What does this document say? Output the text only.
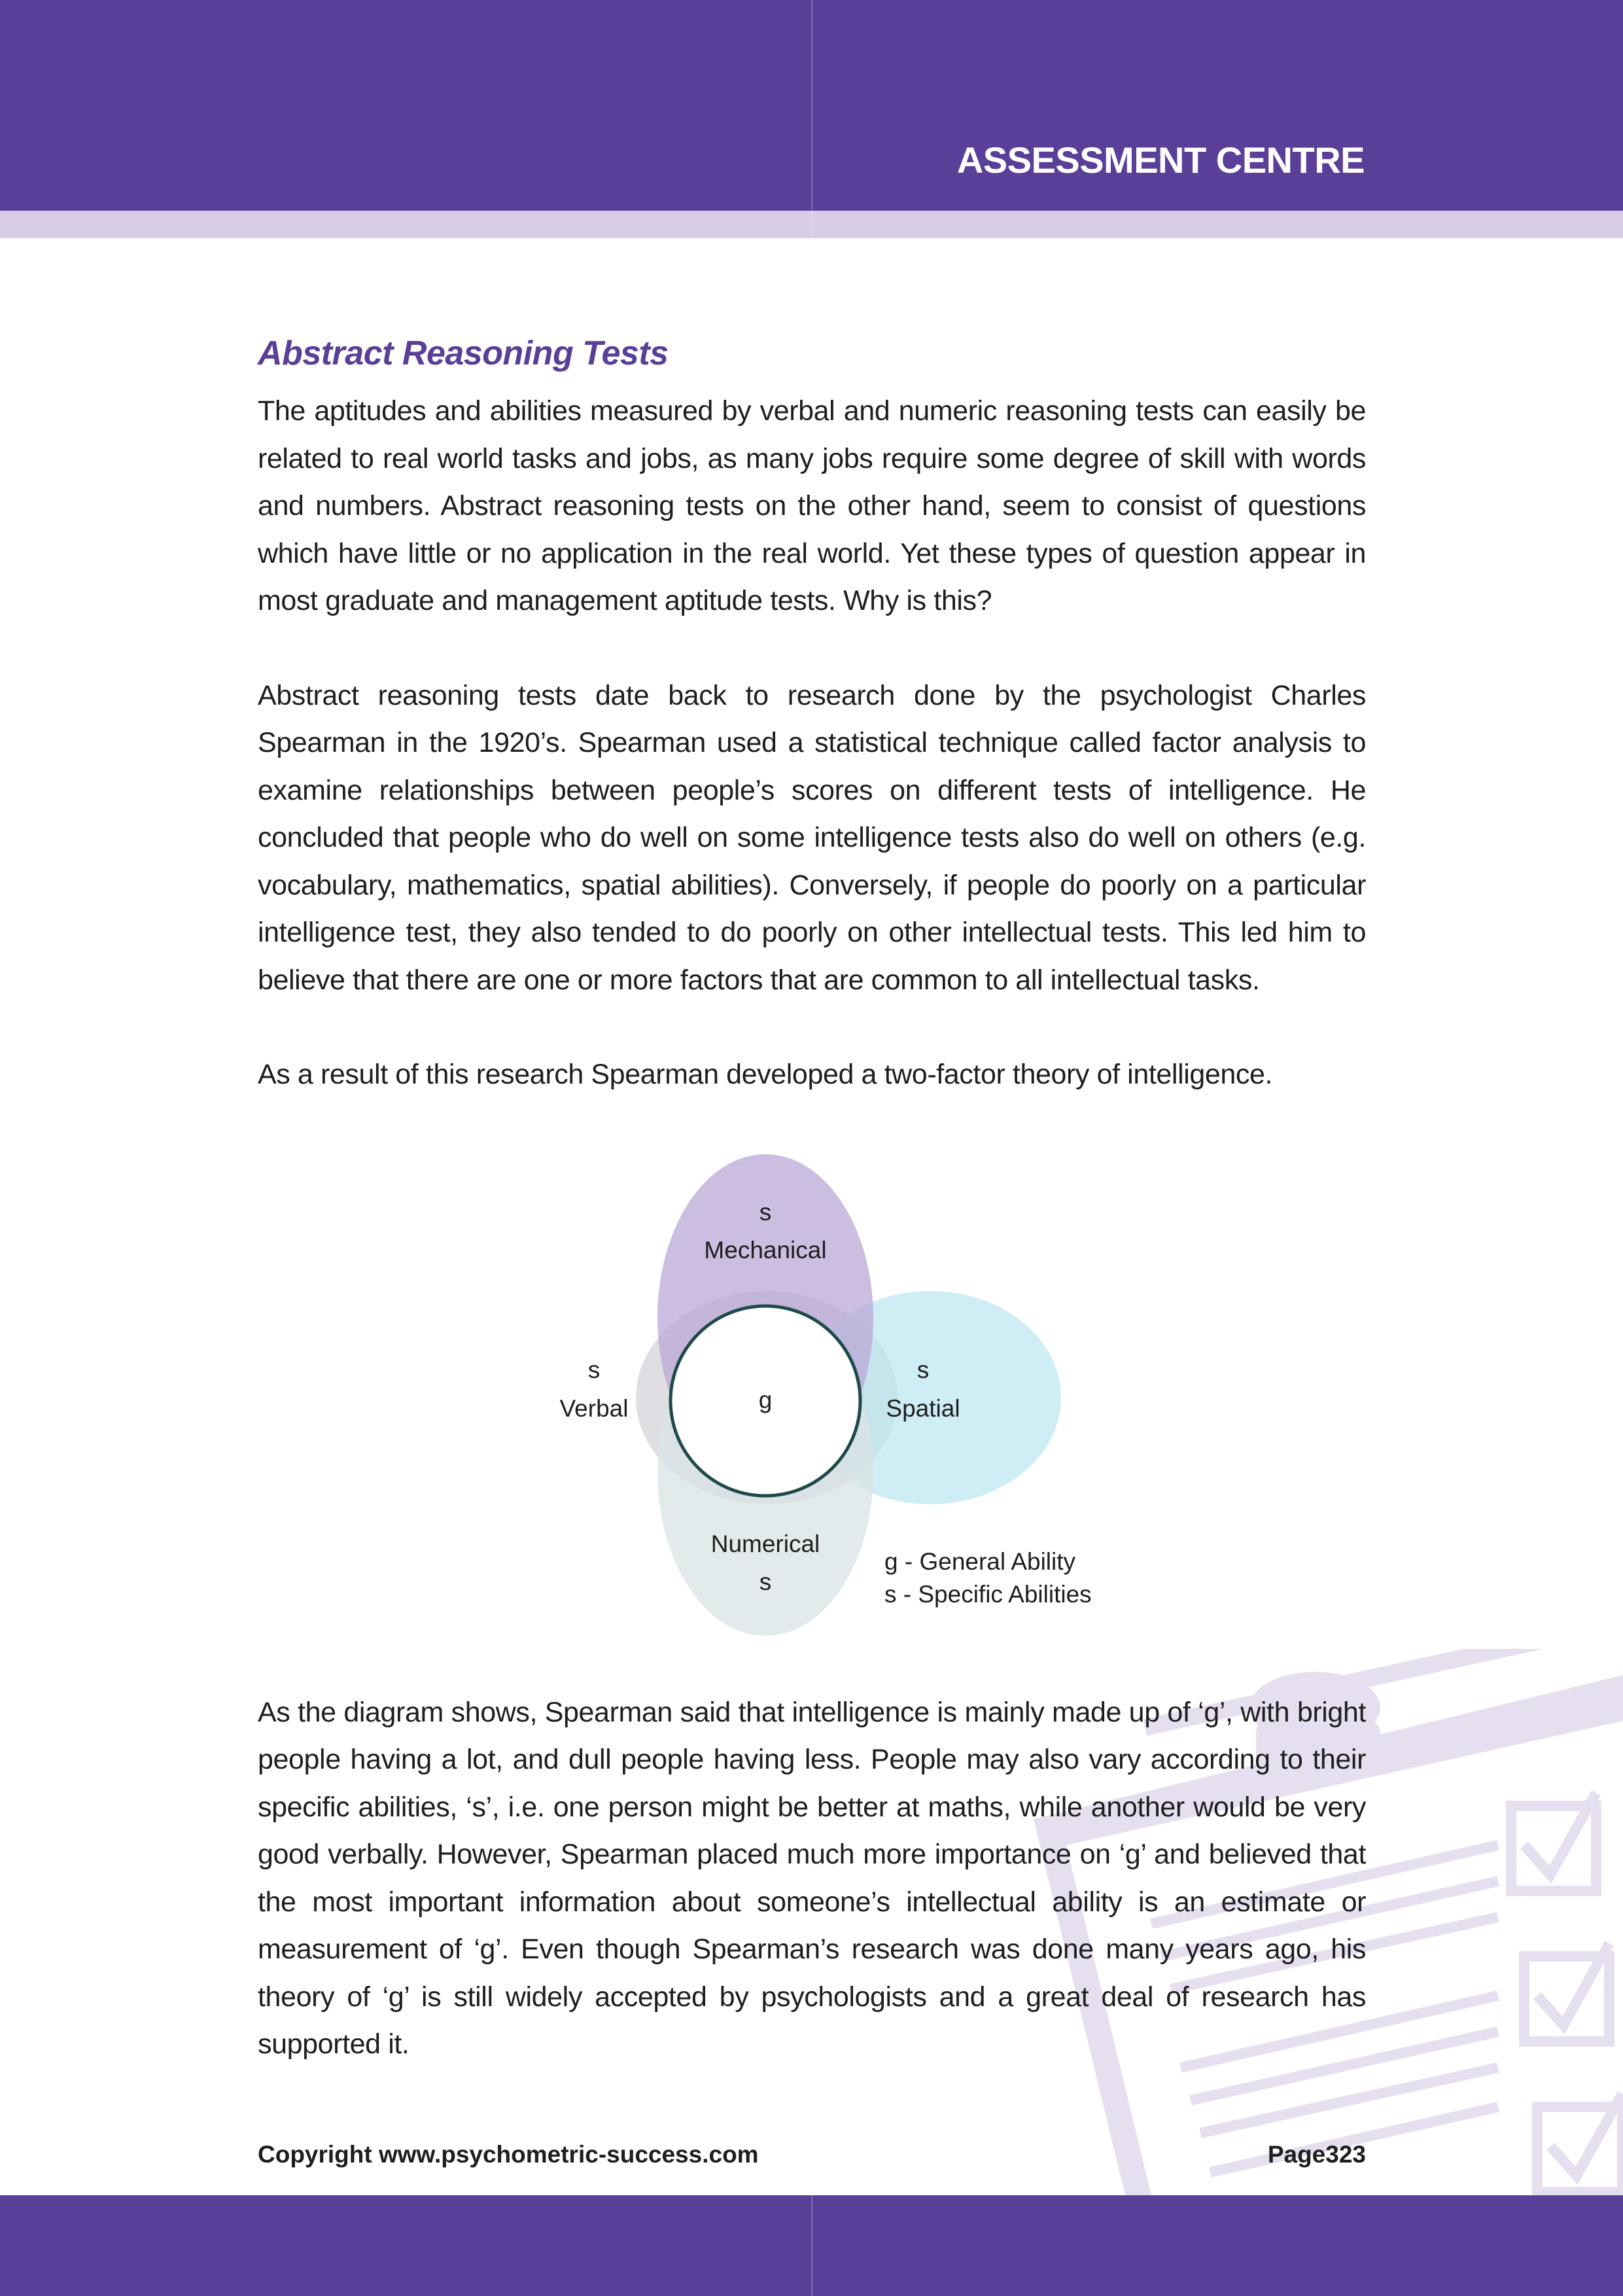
ASSESSMENT CENTRE
Abstract Reasoning Tests

The aptitudes and abilities measured by verbal and numeric reasoning tests can easily be related to real world tasks and jobs, as many jobs require some degree of skill with words and numbers. Abstract reasoning tests on the other hand, seem to consist of questions which have little or no application in the real world. Yet these types of question appear in most graduate and management aptitude tests. Why is this?

Abstract reasoning tests date back to research done by the psychologist Charles Spearman in the 1920’s. Spearman used a statistical technique called factor analysis to examine relationships between people’s scores on different tests of intelligence. He concluded that people who do well on some intelligence tests also do well on others (e.g. vocabulary, mathematics, spatial abilities). Conversely, if people do poorly on a particular intelligence test, they also tended to do poorly on other intellectual tests. This led him to believe that there are one or more factors that are common to all intellectual tasks.

As a result of this research Spearman developed a two-factor theory of intelligence.

As the diagram shows, Spearman said that intelligence is mainly made up of ‘g’, with bright people having a lot, and dull people having less. People may also vary according to their specific abilities, ‘s’, i.e. one person might be better at maths, while another would be very good verbally. However, Spearman placed much more importance on ‘g’ and believed that the most important information about someone’s intellectual ability is an estimate or measurement of ‘g’. Even though Spearman’s research was done many years ago, his theory of ‘g’ is still widely accepted by psychologists and a great deal of research has supported it.

g
s
Mechanical
s
Verbal
s
Spatial
Numerical
s
g - General Ability
s - Specific Abilities
Copyright www.psychometric-success.com	Page323
